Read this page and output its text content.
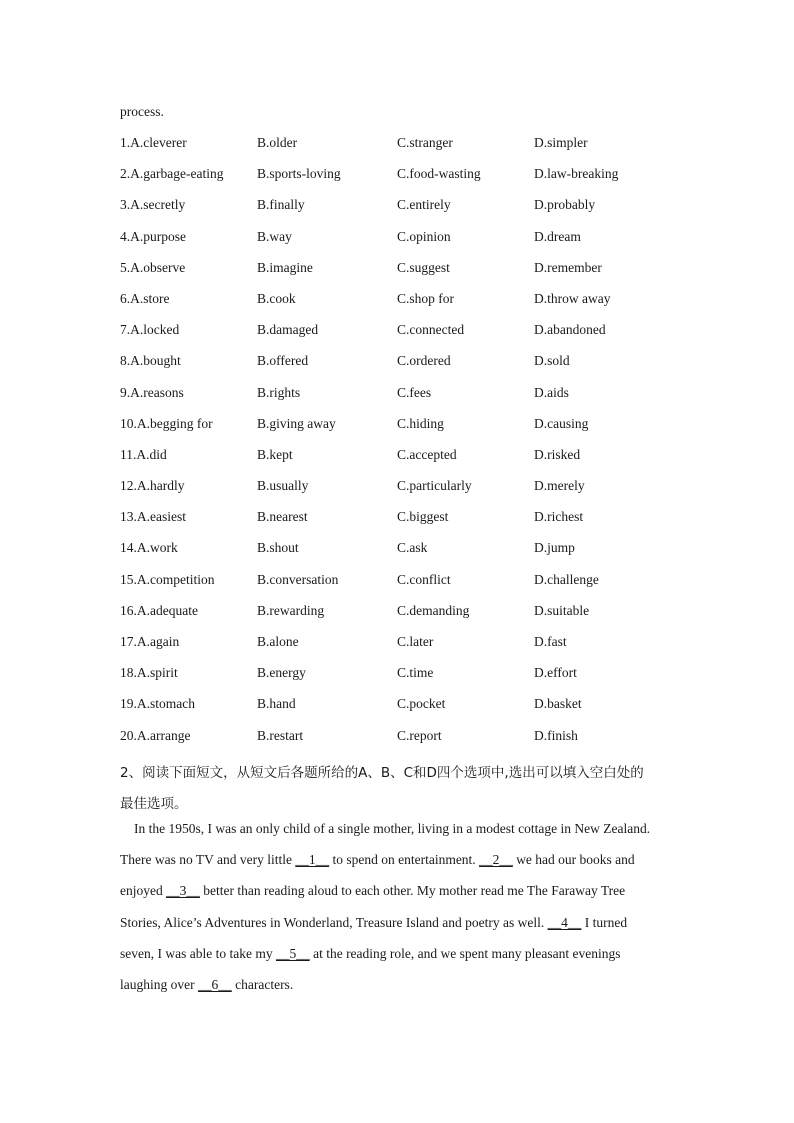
process.
1.A.cleverer	B.older	C.stranger	D.simpler
2.A.garbage-eating B.sports-loving	C.food-wasting	D.law-breaking
3.A.secretly	B.finally	C.entirely	D.probably
4.A.purpose	B.way	C.opinion	D.dream
5.A.observe	B.imagine	C.suggest	D.remember
6.A.store	B.cook	C.shop for	D.throw away
7.A.locked	B.damaged	C.connected	D.abandoned
8.A.bought	B.offered	C.ordered	D.sold
9.A.reasons	B.rights	C.fees	D.aids
10.A.begging for	B.giving away	C.hiding	D.causing
11.A.did	B.kept	C.accepted	D.risked
12.A.hardly	B.usually	C.particularly	D.merely
13.A.easiest	B.nearest	C.biggest	D.richest
14.A.work	B.shout	C.ask	D.jump
15.A.competition	B.conversation	C.conflict	D.challenge
16.A.adequate	B.rewarding	C.demanding	D.suitable
17.A.again	B.alone	C.later	D.fast
18.A.spirit	B.energy	C.time	D.effort
19.A.stomach	B.hand	C.pocket	D.basket
20.A.arrange	B.restart	C.report	D.finish
2、阅读下面短文，从短文后各题所给的A、B、C和D四个选项中,选出可以填入空白处的
最佳选项。
In the 1950s, I was an only child of a single mother, living in a modest cottage in New Zealand.
There was no TV and very little __1__ to spend on entertainment. __2__ we had our books and
enjoyed __3__ better than reading aloud to each other. My mother read me The Faraway Tree
Stories, Alice’s Adventures in Wonderland, Treasure Island and poetry as well. __4__ I turned
seven, I was able to take my __5__ at the reading role, and we spent many pleasant evenings
laughing over __6__ characters.
